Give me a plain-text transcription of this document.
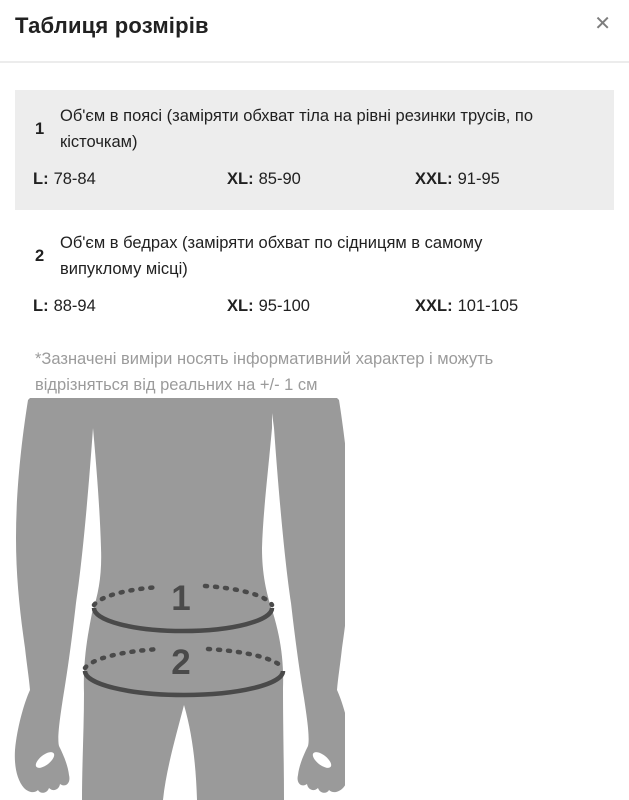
Таблиця розмірів	✕
1
Об'єм в поясі (заміряти обхват тіла на рівні резинки трусів, по
кісточкам)
L: 78-84	XL: 85-90	XXL: 91-95
2
Об'єм в бедрах (заміряти обхват по сідницям в самому
випуклому місці)
L: 88-94	XL: 95-100	XXL: 101-105
*Зазначені виміри носять інформативний характер і можуть
відрізняться від реальних на +/- 1 см
1
2
